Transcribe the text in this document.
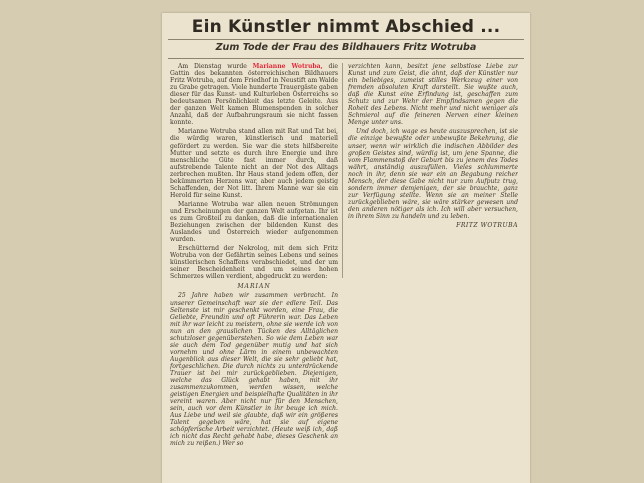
Ein Künstler nimmt Abschied ...
Zum Tode der Frau des Bildhauers Fritz Wotruba

Am Dienstag wurde Marianne Wotruba, die Gattin des bekannten österreichischen Bildhauers Fritz Wotruba, auf dem Friedhof in Neustift am Walde zu Grabe getragen. Viele hunderte Trauergäste gaben dieser für das Kunst- und Kulturleben Österreichs so bedeutsamen Persönlichkeit das letzte Geleite. Aus der ganzen Welt kamen Blumenspenden in solcher Anzahl, daß der Aufbahrungsraum sie nicht fassen konnte.

Marianne Wotruba stand allen mit Rat und Tat bei, die würdig waren, künstlerisch und materiell gefördert zu werden. Sie war die stets hilfsbereite Mutter und setzte es durch ihre Energie und ihre menschliche Güte fast immer durch, daß aufstrebende Talente nicht an der Not des Alltags zerbrechen mußten. Ihr Haus stand jedem offen, der bekümmerten Herzens war, aber auch jedem geistig Schaffenden, der Not litt. Ihrem Manne war sie ein Herold für seine Kunst.

Marianne Wotruba war allen neuen Strömungen und Erscheinungen der ganzen Welt aufgetan. Ihr ist es zum Großteil zu danken, daß die internationalen Beziehungen zwischen der bildenden Kunst des Auslandes und Österreich wieder aufgenommen wurden.

Erschütternd der Nekrolog, mit dem sich Fritz Wotruba von der Gefährtin seines Lebens und seines künstlerischen Schaffens verabschiedet, und der um seiner Bescheidenheit und um seines hohen Schmerzes willen verdient, abgedruckt zu werden:

MARIAN

25 Jahre haben wir zusammen verbracht. In unserer Gemeinschaft war sie der edlere Teil. Das Seltenste ist mir geschenkt worden, eine Frau, die Geliebte, Freundin und oft Führerin war. Das Leben mit ihr war leicht zu meistern, ohne sie werde ich von nun an den grauslichen Tücken des Alltäglichen schutzloser gegenüberstehen. So wie dem Leben war sie auch dem Tod gegenüber mutig und hat sich vornehm und ohne Lärm in einem unbewachten Augenblick aus dieser Welt, die sie sehr geliebt hat, fortgeschlichen. Die durch nichts zu unterdrückende Trauer ist bei mir zurückgeblieben. Diejenigen, welche das Glück gehabt haben, mit ihr zusammenzukommen, werden wissen, welche geistigen Energien und beispielhafte Qualitäten in ihr vereint waren. Aber nicht nur für den Menschen, sein, auch vor dem Künstler in ihr beuge ich mich. Aus Liebe und weil sie glaubte, daß wir ein größeres Talent gegeben wäre, hat sie auf eigene schöpferische Arbeit verzichtet. (Heute weiß ich, daß ich nicht das Recht gehabt habe, dieses Geschenk an mich zu reißen.) Wer so

verzichten kann, besitzt jene selbstlose Liebe zur Kunst und zum Geist, die ahnt, daß der Künstler nur ein beliebiges, zumeist stilles Werkzeug einer von fremden absoluten Kraft darstellt. Sie wußte auch, daß die Kunst eine Erfindung ist, geschaffen zum Schutz und zur Wehr der Empfindsamen gegen die Roheit des Lebens. Nicht mehr und nicht weniger als Schmierol auf die feineren Nerven einer kleinen Menge unter uns.

Und doch, ich wage es heute auszusprechen, ist sie die einzige bewußte oder unbewußte Bekehrung, die unser, wenn wir wirklich die indischen Abbilder des großen Geistes sind, würdig ist, um jene Spanne, die vom Flammenstoß der Geburt bis zu jenem des Todes währt, anständig auszufüllen. Vieles schlummerte noch in ihr, denn sie war ein an Begabung reicher Mensch, der diese Gabe nicht nur zum Aufputz trug, sondern immer demjenigen, der sie brauchte, ganz zur Verfügung stellte. Wenn sie an meiner Stelle zurückgeblieben wäre, sie wäre stärker gewesen und den anderen nötiger als ich. Ich will aber versuchen, in ihrem Sinn zu handeln und zu leben.

FRITZ WOTRUBA
